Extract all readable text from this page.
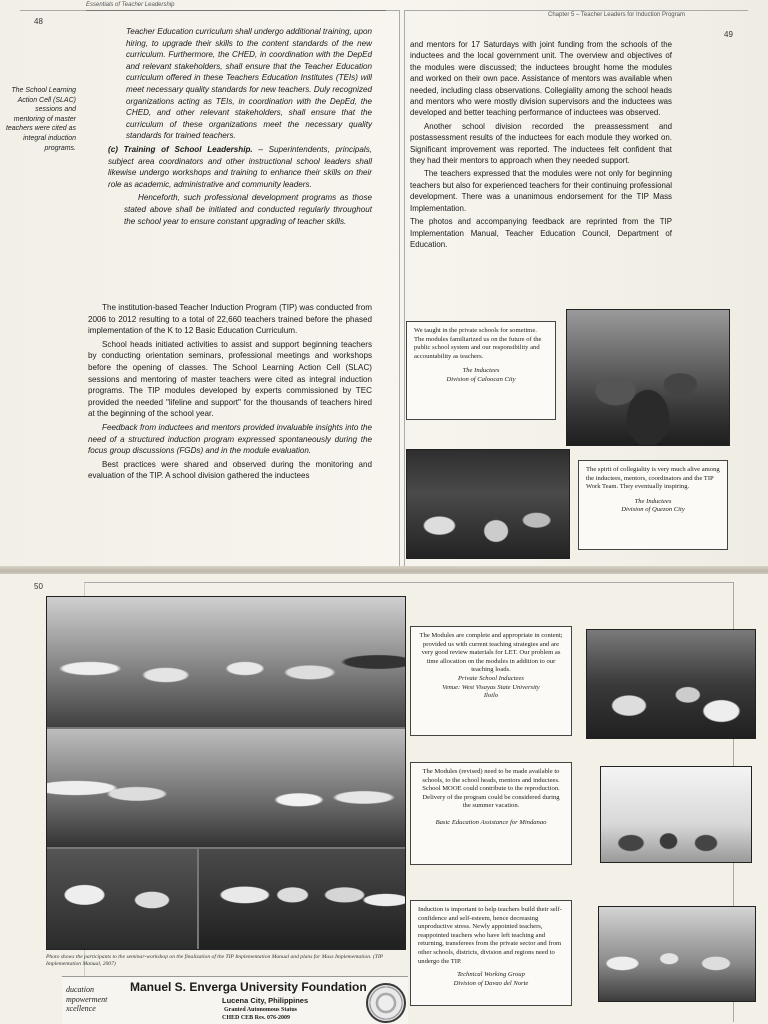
48
Essentials of Teacher Leadership
The School Learning Action Cell (SLAC) sessions and mentoring of master teachers were cited as integral induction programs.

Teacher Education curriculum shall undergo additional training, upon hiring, to upgrade their skills to the content standards of the new curriculum. Furthermore, the CHED, in coordination with the DepEd and relevant stakeholders, shall ensure that the Teacher Education curriculum offered in these Teachers Education Institutes (TEIs) will meet necessary quality standards for new teachers. Duly recognized organizations acting as TEIs, in coordination with the DepEd, the CHED, and other relevant stakeholders, shall ensure that the curriculum of these organizations meet the necessary quality standards for trained teachers.

(c) Training of School Leadership. – Superintendents, principals, subject area coordinators and other instructional school leaders shall likewise undergo workshops and training to enhance their skills on their role as academic, administrative and community leaders.

Henceforth, such professional development programs as those stated above shall be initiated and conducted regularly throughout the school year to ensure constant upgrading of teacher skills.

The institution-based Teacher Induction Program (TIP) was conducted from 2006 to 2012 resulting to a total of 22,660 teachers trained before the phased implementation of the K to 12 Basic Education Curriculum.

School heads initiated activities to assist and support beginning teachers by conducting orientation seminars, professional meetings and workshops before the opening of classes. The School Learning Action Cell (SLAC) sessions and mentoring of master teachers were cited as integral induction programs. The TIP modules developed by experts commissioned by TEC provided the needed "lifeline and support" for the thousands of teachers hired at the beginning of the school year.

Feedback from inductees and mentors provided invaluable insights into the need of a structured induction program expressed spontaneously during the focus group discussions (FGDs) and in the module evaluation.

Best practices were shared and observed during the monitoring and evaluation of the TIP. A school division gathered the inductees

49
Chapter 5 – Teacher Leaders for Induction Program

and mentors for 17 Saturdays with joint funding from the schools of the inductees and the local government unit. The overview and objectives of the modules were discussed; the inductees brought home the modules and worked on their own pace. Assistance of mentors was available when needed, including class observations. Collegiality among the school heads and mentors who were mostly division supervisors and the inductees was developed and better teaching performance of inductees was observed.

Another school division recorded the preassessment and postassessment results of the inductees for each module they worked on. Significant improvement was reported. The inductees felt confident that they had their mentors to approach when they needed support.

The teachers expressed that the modules were not only for beginning teachers but also for experienced teachers for their continuing professional development. There was a unanimous endorsement for the TIP Mass Implementation.

The photos and accompanying feedback are reprinted from the TIP Implementation Manual, Teacher Education Council, Department of Education.

We taught in the private schools for sometime. The modules familiarized us on the future of the public school system and our responsibility and accountability as teachers.
The Inductees
Division of Caloocan City
The spirit of collegiality is very much alive among the inductees, mentors, coordinators and the TIP Work Team. They eventually inspiring.
The Inductees
Division of Quezon City
50
Photo shows the participants to the seminar-workshop on the finalization of the TIP Implementation Manual and plans for Mass Implementation. (TIP Implementation Manual, 2007)
The Modules are complete and appropriate in content; provided us with current teaching strategies and are very good review materials for LET. Our problem as time allocation on the modules in addition to our teaching loads.
Private School Inductees
Venue: West Visayas State University
Iloilo
The Modules (revised) need to be made available to schools, to the school heads, mentors and inductees. School MOOE could contribute to the reproduction. Delivery of the program could be considered during the summer vacation.
Basic Education Assistance for Mindanao
Induction is important to help teachers build their self-confidence and self-esteem, hence decreasing unproductive stress. Newly appointed teachers, reappointed teachers who have left teaching and returning, transferees from the private sector and from other schools, districts, division and regions need to undergo the TIP.
Technical Working Group
Division of Davao del Norte
ducation
mpowerment
xcellence
Manuel S. Enverga University Foundation
Lucena City, Philippines
Granted Autonomous Status
CHED CEB Res. 076-2009
